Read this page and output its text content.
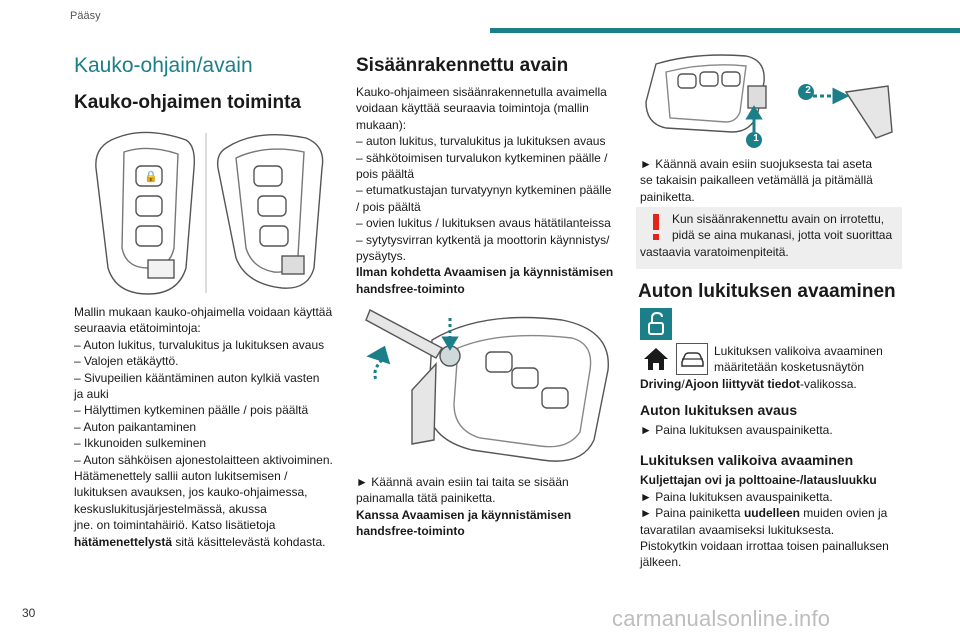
Pääsy

Kauko-ohjain/avain

Kauko-ohjaimen toiminta

🔒

Mallin mukaan kauko-ohjaimella voidaan käyttää

seuraavia etätoimintoja:

– Auton lukitus, turvalukitus ja lukituksen avaus

– Valojen etäkäyttö.

– Sivupeilien kääntäminen auton kylkiä vasten

ja auki

– Hälyttimen kytkeminen päälle / pois päältä

– Auton paikantaminen

– Ikkunoiden sulkeminen

– Auton sähköisen ajonestolaitteen aktivoiminen.

Hätämenettely sallii auton lukitsemisen /

lukituksen avauksen, jos kauko-ohjaimessa,

keskuslukitusjärjestelmässä, akussa

jne. on toimintahäiriö. Katso lisätietoja

hätämenettelystä sitä käsittelevästä kohdasta.

Sisäänrakennettu avain

Kauko-ohjaimeen sisäänrakennetulla avaimella

voidaan käyttää seuraavia toimintoja (mallin

mukaan):

– auton lukitus, turvalukitus ja lukituksen avaus

– sähkötoimisen turvalukon kytkeminen päälle /

pois päältä

– etumatkustajan turvatyynyn kytkeminen päälle

/ pois päältä

– ovien lukitus / lukituksen avaus hätätilanteissa

– sytytysvirran kytkentä ja moottorin käynnistys/

pysäytys.

Ilman kohdetta Avaamisen ja käynnistämisen

handsfree-toiminto

► Käännä avain esiin tai taita se sisään

painamalla tätä painiketta.

Kanssa Avaamisen ja käynnistämisen

handsfree-toiminto

2
1

► Käännä avain esiin suojuksesta tai aseta

se takaisin paikalleen vetämällä ja pitämällä

painiketta.

Kun sisäänrakennettu avain on irrotettu,

pidä se aina mukanasi, jotta voit suorittaa

vastaavia varatoimenpiteitä.

Auton lukituksen avaaminen

Lukituksen valikoiva avaaminen

määritetään kosketusnäytön

Driving/Ajoon liittyvät tiedot-valikossa.

Auton lukituksen avaus

► Paina lukituksen avauspainiketta.

Lukituksen valikoiva avaaminen

Kuljettajan ovi ja polttoaine-/latausluukku

► Paina lukituksen avauspainiketta.

► Paina painiketta uudelleen muiden ovien ja

tavaratilan avaamiseksi lukituksesta.

Pistokytkin voidaan irrottaa toisen painalluksen

jälkeen.

30	carmanualsonline.info
